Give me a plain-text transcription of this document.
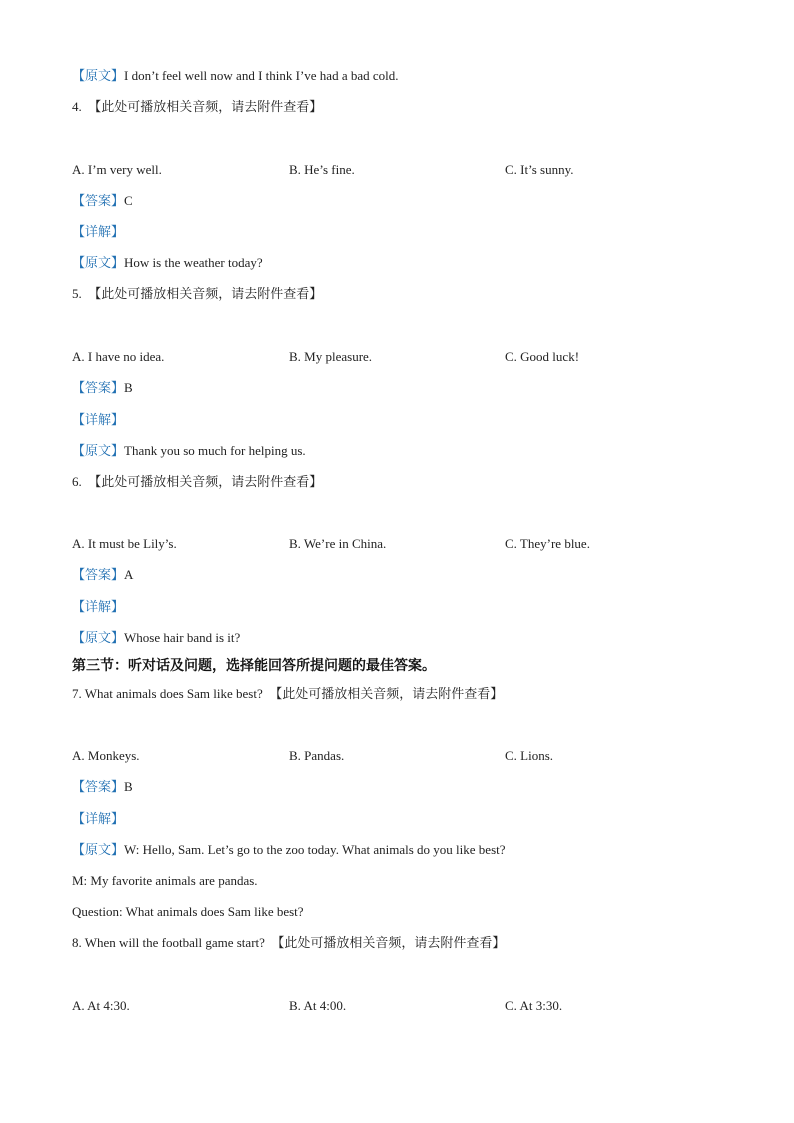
【原文】I don’t feel well now and I think I’ve had a bad cold.
4. 【此处可播放相关音频，请去附件查看】
A. I’m very well.	B. He’s fine.	C. It’s sunny.
【答案】C
【详解】
【原文】How is the weather today?
5. 【此处可播放相关音频，请去附件查看】
A. I have no idea.	B. My pleasure.	C. Good luck!
【答案】B
【详解】
【原文】Thank you so much for helping us.
6. 【此处可播放相关音频，请去附件查看】
A. It must be Lily’s.	B. We’re in China.	C. They’re blue.
【答案】A
【详解】
【原文】Whose hair band is it?
第三节：听对话及问题，选择能回答所提问题的最佳答案。
7. What animals does Sam like best? 【此处可播放相关音频，请去附件查看】
A. Monkeys.	B. Pandas.	C. Lions.
【答案】B
【详解】
【原文】W: Hello, Sam. Let’s go to the zoo today. What animals do you like best?
M: My favorite animals are pandas.
Question: What animals does Sam like best?
8. When will the football game start? 【此处可播放相关音频，请去附件查看】
A. At 4:30.	B. At 4:00.	C. At 3:30.
